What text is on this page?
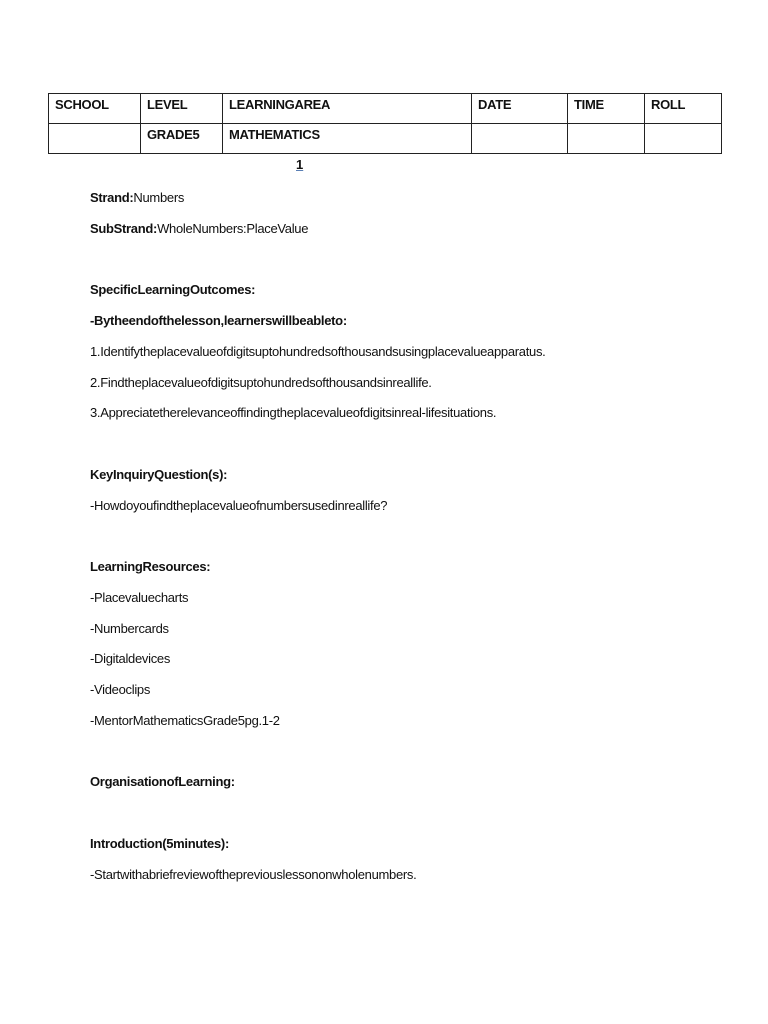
SCHOOL	LEVEL	LEARNINGAREA	DATE	TIME	ROLL
	GRADE5	MATHEMATICS			
1
Strand:Numbers
SubStrand:WholeNumbers:PlaceValue
SpecificLearningOutcomes:
-Bytheendofthelesson,learnerswillbeableto:
1.Identifytheplacevalueofdigitsuptohundredsofthousandsusingplacevalueapparatus.
2.Findtheplacevalueofdigitsuptohundredsofthousandsinreallife.
3.Appreciatetherelevanceoffindingtheplacevalueofdigitsinreal-lifesituations.
KeyInquiryQuestion(s):
-Howdoyoufindtheplacevalueofnumbersusedinreallife?
LearningResources:
-Placevaluecharts
-Numbercards
-Digitaldevices
-Videoclips
-MentorMathematicsGrade5pg.1-2
OrganisationofLearning:
Introduction(5minutes):
-Startwithabriefreviewofthepreviouslessononwholenumbers.
